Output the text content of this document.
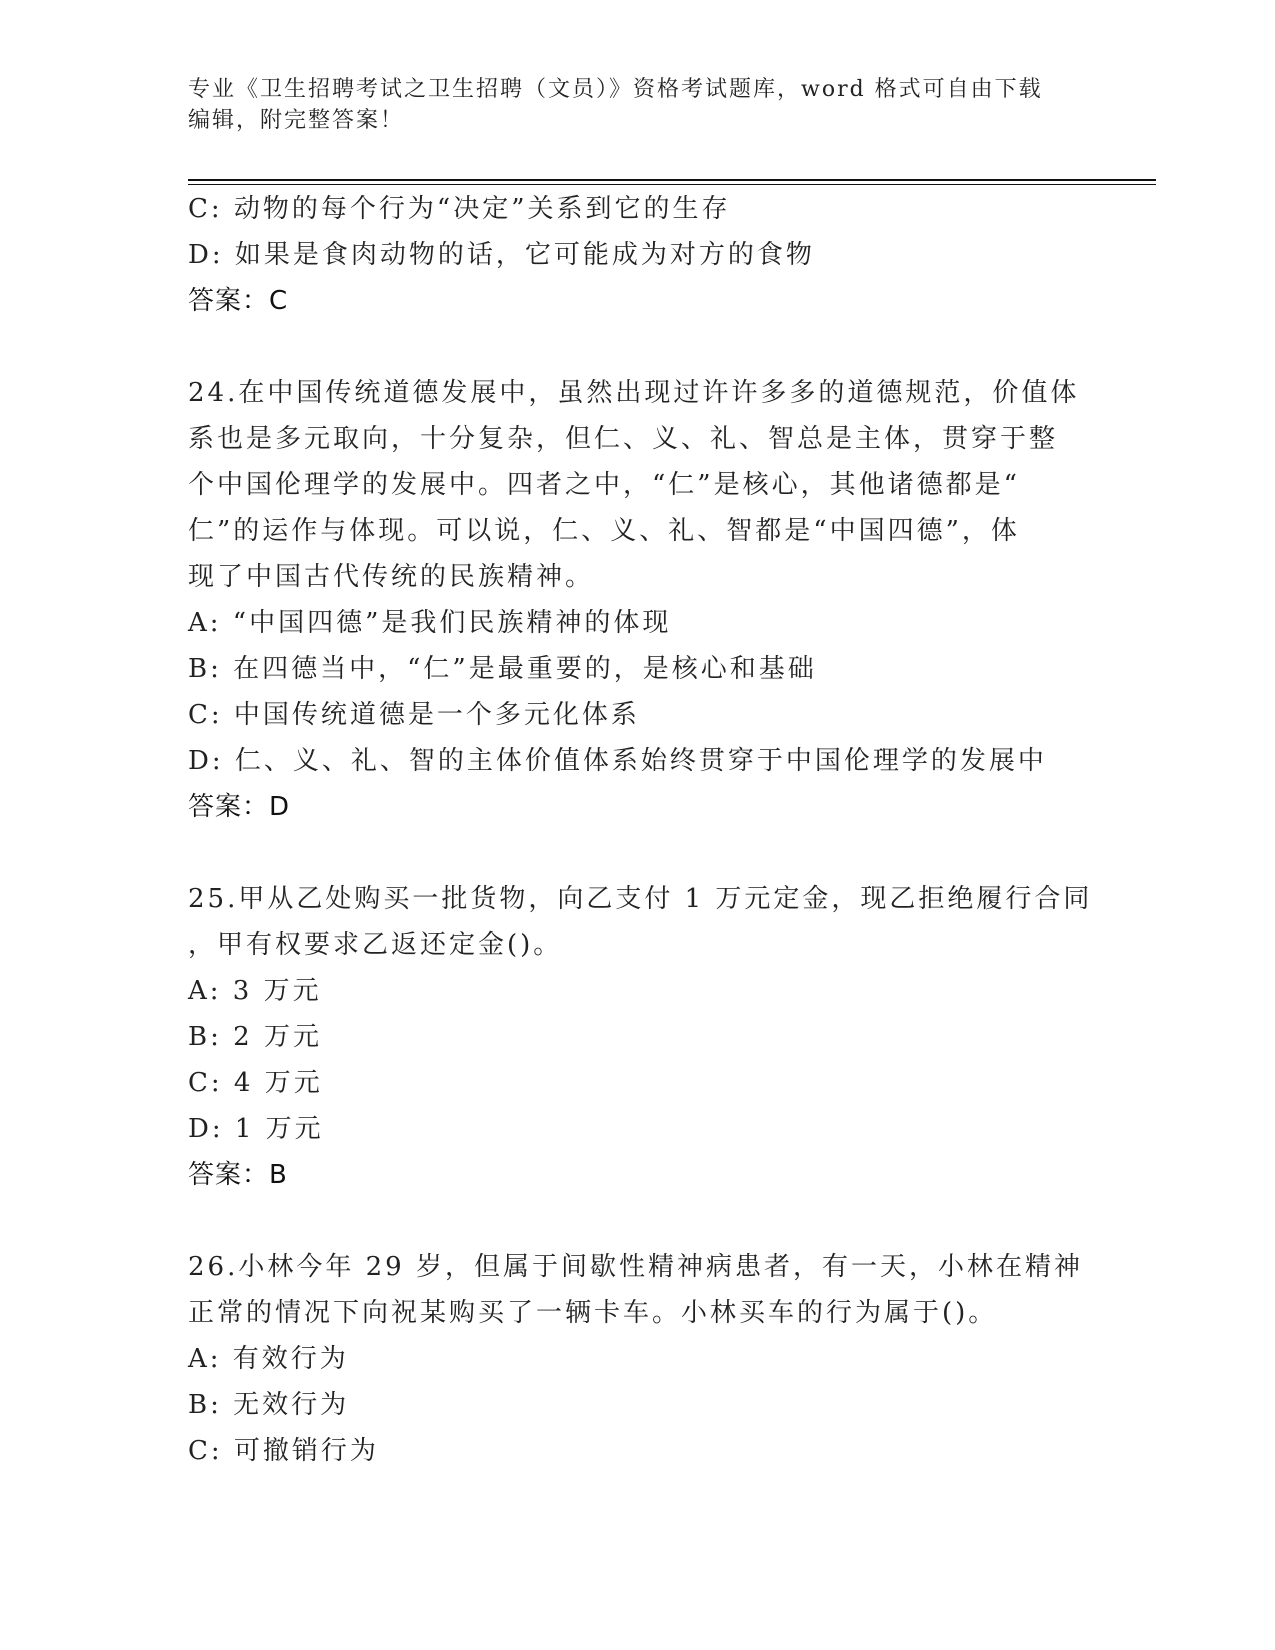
专业《卫生招聘考试之卫生招聘（文员）》资格考试题库，word 格式可自由下载
编辑，附完整答案！
C: 动物的每个行为“决定”关系到它的生存
D: 如果是食肉动物的话，它可能成为对方的食物
答案：C
24.在中国传统道德发展中，虽然出现过许许多多的道德规范，价值体
系也是多元取向，十分复杂，但仁、义、礼、智总是主体，贯穿于整
个中国伦理学的发展中。四者之中，“仁”是核心，其他诸德都是“
仁”的运作与体现。可以说，仁、义、礼、智都是“中国四德”，体
现了中国古代传统的民族精神。
A: “中国四德”是我们民族精神的体现
B: 在四德当中，“仁”是最重要的，是核心和基础
C: 中国传统道德是一个多元化体系
D: 仁、义、礼、智的主体价值体系始终贯穿于中国伦理学的发展中
答案：D
25.甲从乙处购买一批货物，向乙支付 1 万元定金，现乙拒绝履行合同
，甲有权要求乙返还定金()。
A: 3 万元
B: 2 万元
C: 4 万元
D: 1 万元
答案：B
26.小林今年 29 岁，但属于间歇性精神病患者，有一天，小林在精神
正常的情况下向祝某购买了一辆卡车。小林买车的行为属于()。
A: 有效行为
B: 无效行为
C: 可撤销行为
